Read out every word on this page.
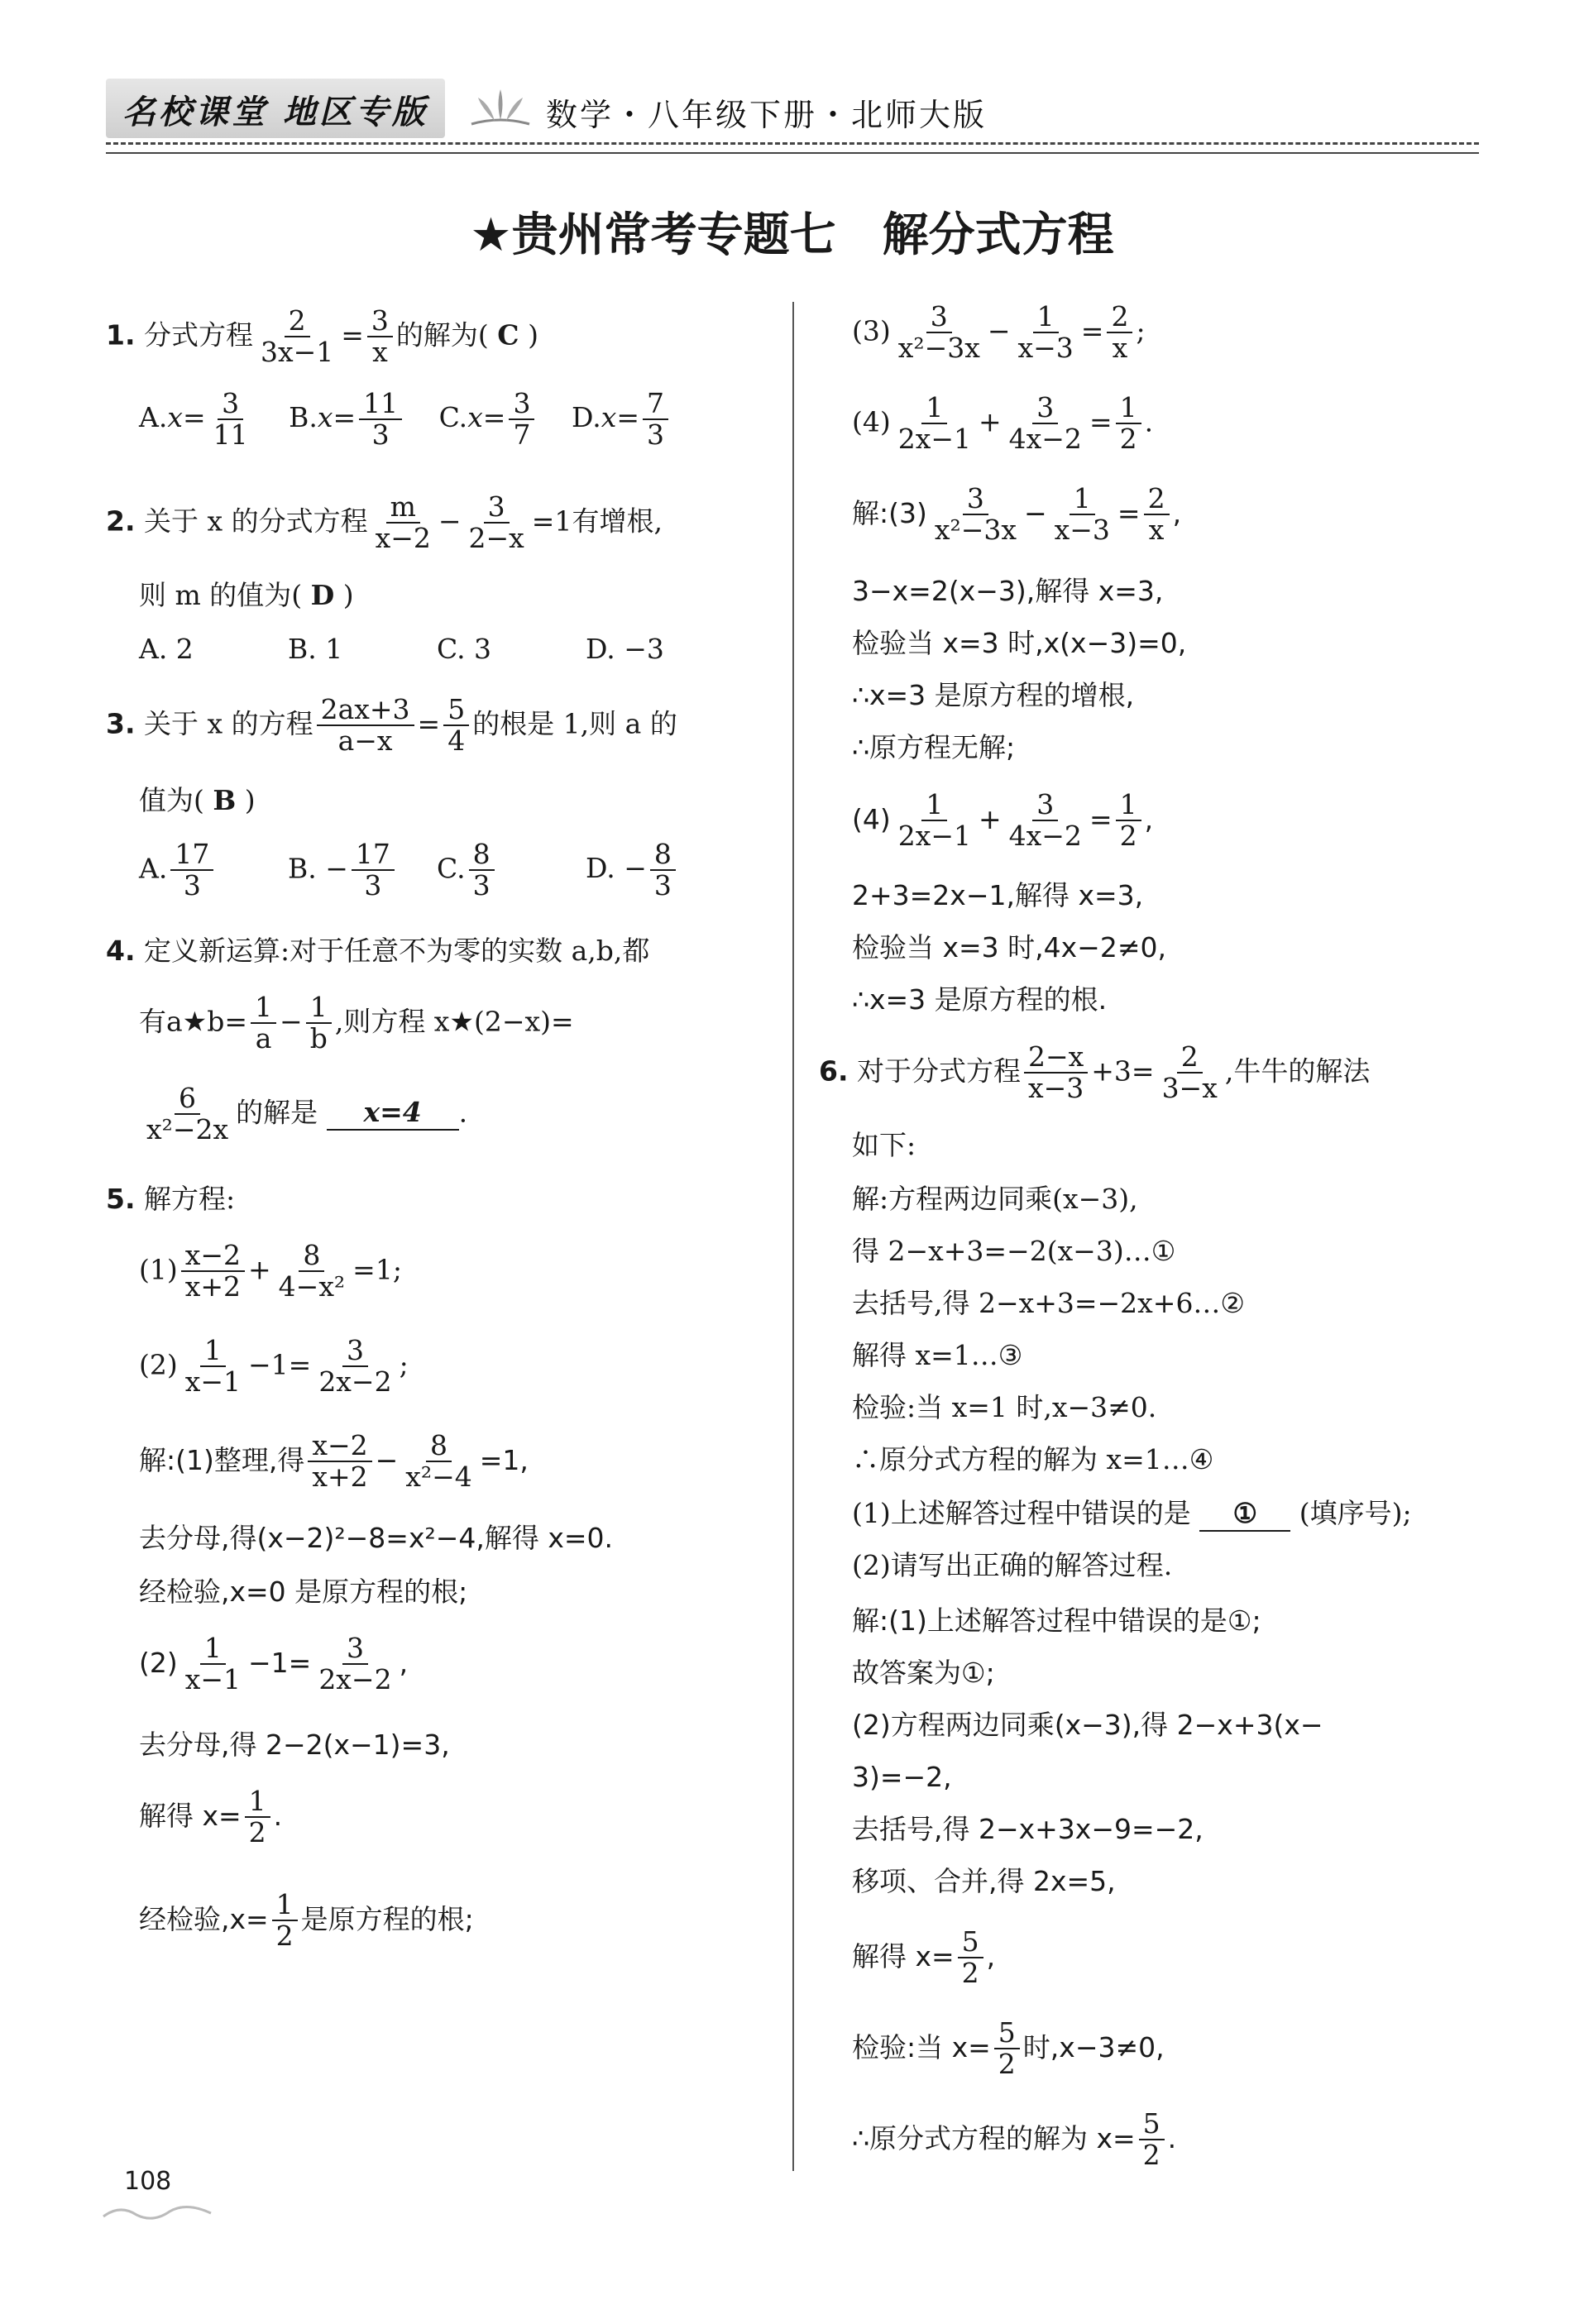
名校课堂 地区专版	数学・八年级下册・北师大版
★贵州常考专题七　解分式方程
1. 分式方程 $\frac{2}{3x-1} = \frac{3}{x}$ 的解为( C )
$A.x= \frac{3}{11} B.x= \frac{11}{3} C.x= \frac{3}{7} D.x= \frac{7}{3}$
2. 关于 x 的分式方程 $\frac{m}{x-2} - \frac{3}{2-x} =1$有增根,
则 m 的值为( D )
A. 2	B. 1	C. 3	D. −3
3. 关于 x 的方程 $\frac{2ax+3}{a-x} = \frac{5}{4}$ 的根是 1,则 a 的
值为( B )
A. $\frac{17}{3}$	B. − $\frac{17}{3} C$. $\frac{8}{3}$	D. − $\frac{8}{3}$
4. 定义新运算:对于任意不为零的实数 a,b,都
有a★b= $\frac{1}{a} - \frac{1}{b}$ ,则方程 x★(2−x)=
$\frac{6}{\text{x²−2x}}$ 的解是 x=4 .
5. 解方程:
$(1) \frac{x-2}{x+2} + \frac{8}{\text{4−x²}} =1$;
$(2) \frac{1}{x-1} -1= \frac{3}{2x-2}$ ;
解:(1)整理,得 $\frac{x-2}{x+2} - \frac{8}{\text{x²−4}} =1$,
去分母,得(x−2)²−8=x²−4,解得 x=0.
经检验,x=0 是原方程的根;
$(2) \frac{1}{x-1} -1= \frac{3}{2x-2}$ ,
去分母,得 2−2(x−1)=3,
解得 $x= \frac{1}{2}$ .
经检验$,x= \frac{1}{2}$ 是原方程的根;
$(3) \frac{3}{\text{x²−3x}} - \frac{1}{x-3} = \frac{2}{x}$ ;
$(4) \frac{1}{2x-1} + \frac{3}{4x-2} = \frac{1}{2}$ .
解:(3) $\frac{3}{\text{x²−3x}} - \frac{1}{x-3} = \frac{2}{x}$ ,
3−x=2(x−3),解得 x=3,
检验当 x=3 时,x(x−3)=0,
∴x=3 是原方程的增根,
∴原方程无解;
$(4) \frac{1}{2x-1} + \frac{3}{4x-2} = \frac{1}{2}$ ,
2+3=2x−1,解得 x=3,
检验当 x=3 时,4x−2≠0,
∴x=3 是原方程的根.
6. 对于分式方程 $\frac{2-x}{x-3} +3= \frac{2}{3-x}$ ,牛牛的解法
如下:
解:方程两边同乘(x−3),
得 2−x+3=−2(x−3)…①
去括号,得 2−x+3=−2x+6…②
解得 x=1…③
检验:当 x=1 时,x−3≠0.
∴原分式方程的解为 x=1…④
(1)上述解答过程中错误的是 ① (填序号);
(2)请写出正确的解答过程.
解:(1)上述解答过程中错误的是①;
故答案为①;
(2)方程两边同乘(x−3),得 2−x+3(x−
3)=−2,
去括号,得 2−x+3x−9=−2,
移项、合并,得 2x=5,
解得 $x= \frac{5}{2}$ ,
检验:当 $x= \frac{5}{2}$ 时,x−3≠0,
∴原分式方程的解为 $x= \frac{5}{2}$ .
108
